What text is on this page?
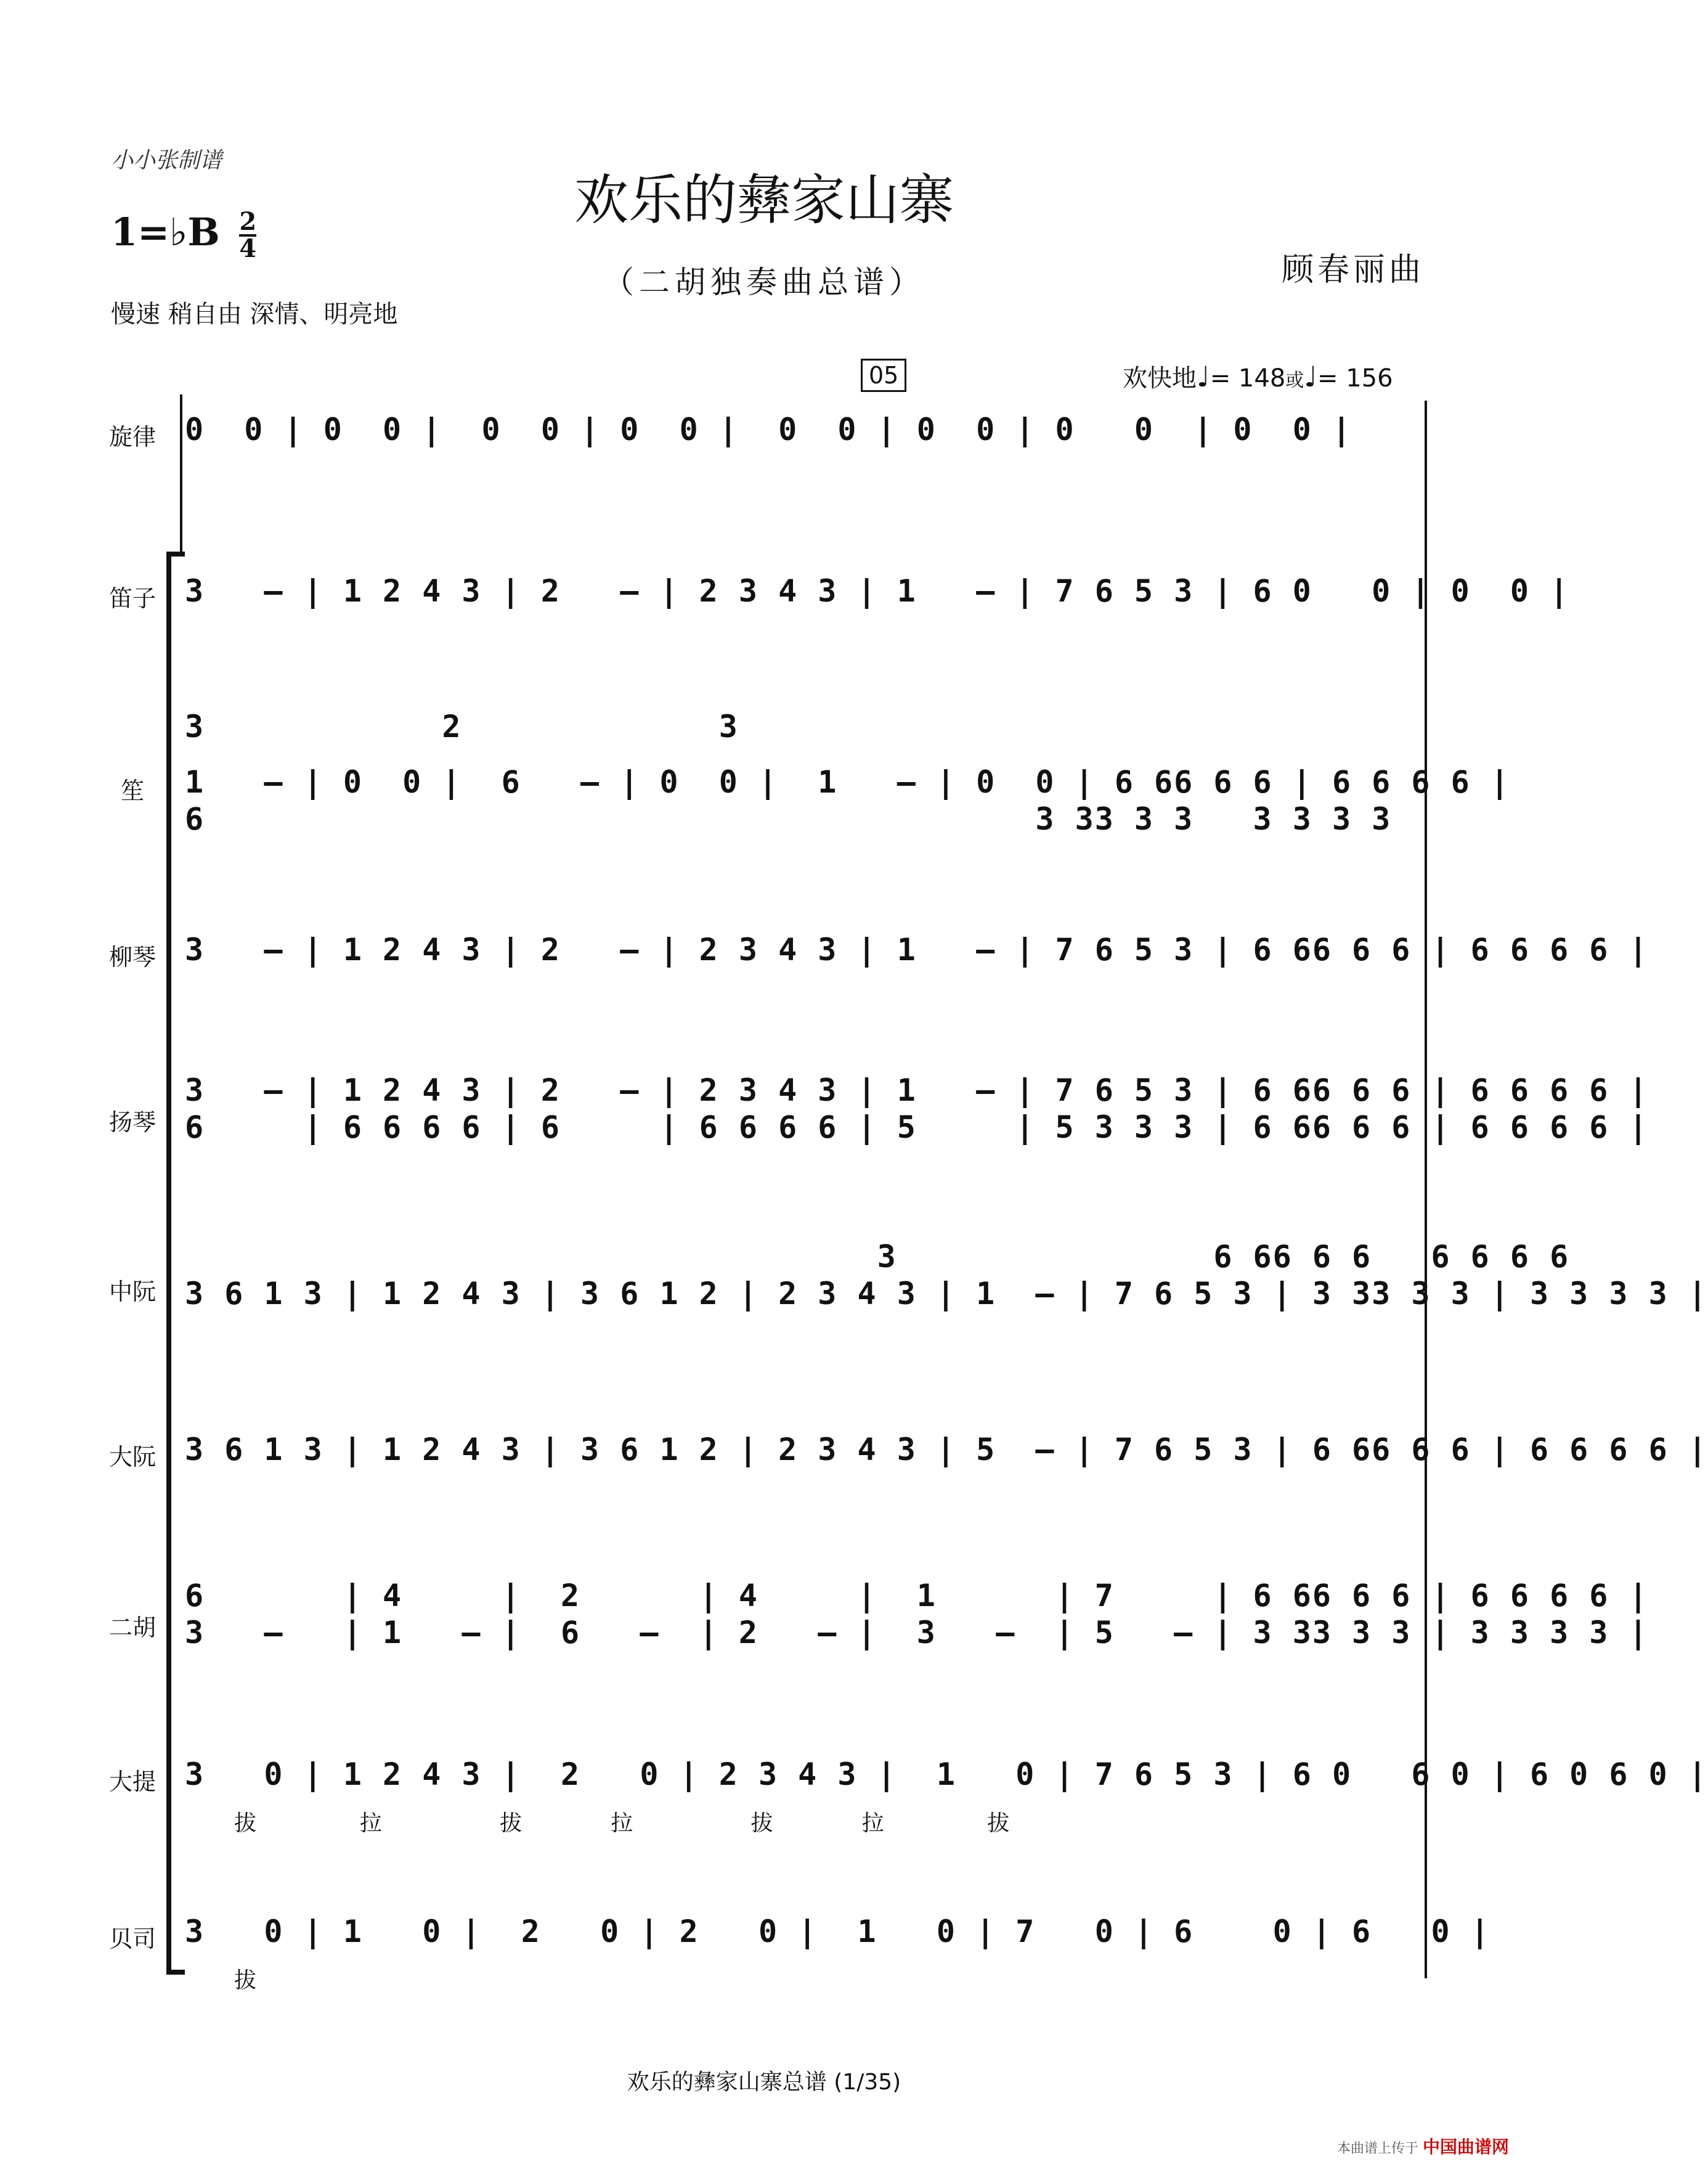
小小张制谱
欢乐的彝家山寨
1=♭B $\frac{2}{4}$
（二胡独奏曲总谱）	顾春丽曲
慢速 稍自由 深情、明亮地
05	欢快地♩= 148或♩= 156
旋律 0  0 | 0  0 |  0  0 | 0  0 |  0  0 | 0  0 | 0   0  | 0  0 |
笛子 3   – | 1 2 4 3 | 2   – | 2 3 4 3 | 1   – | 7 6 5 3 | 6 0   0 | 0  0 |
笙
3            2             3
1   – | 0  0 |  6   – | 0  0 |  1   – | 0  0 | 6 66 6 6 | 6 6 6 6 |
6                                          3 33 3 3   3 3 3 3
柳琴 3   – | 1 2 4 3 | 2   – | 2 3 4 3 | 1   – | 7 6 5 3 | 6 66 6 6 | 6 6 6 6 |
扬琴
3   – | 1 2 4 3 | 2   – | 2 3 4 3 | 1   – | 7 6 5 3 | 6 66 6 6 | 6 6 6 6 |
6     | 6 6 6 6 | 6     | 6 6 6 6 | 5     | 5 3 3 3 | 6 66 6 6 | 6 6 6 6 |
中阮
3                6 66 6 6   6 6 6 6
3 6 1 3 | 1 2 4 3 | 3 6 1 2 | 2 3 4 3 | 1  – | 7 6 5 3 | 3 33 3 3 | 3 3 3 3 |
大阮 3 6 1 3 | 1 2 4 3 | 3 6 1 2 | 2 3 4 3 | 5  – | 7 6 5 3 | 6 66 6 6 | 6 6 6 6 |
二胡
6       | 4     |  2      | 4     |  1      | 7     | 6 66 6 6 | 6 6 6 6 |
3   –   | 1   – |  6   –  | 2   – |  3   –  | 5   – | 3 33 3 3 | 3 3 3 3 |
大提 3   0 | 1 2 4 3 |  2   0 | 2 3 4 3 |  1   0 | 7 6 5 3 | 6 0   6 0 | 6 0 6 0 |
拔       拉        拔      拉        拔      拉       拔
贝司 3   0 | 1   0 |  2   0 | 2   0 |  1   0 | 7   0 | 6    0 | 6   0 |
拔
欢乐的彝家山寨总谱 (1/35)
本曲谱上传于 中国曲谱网
